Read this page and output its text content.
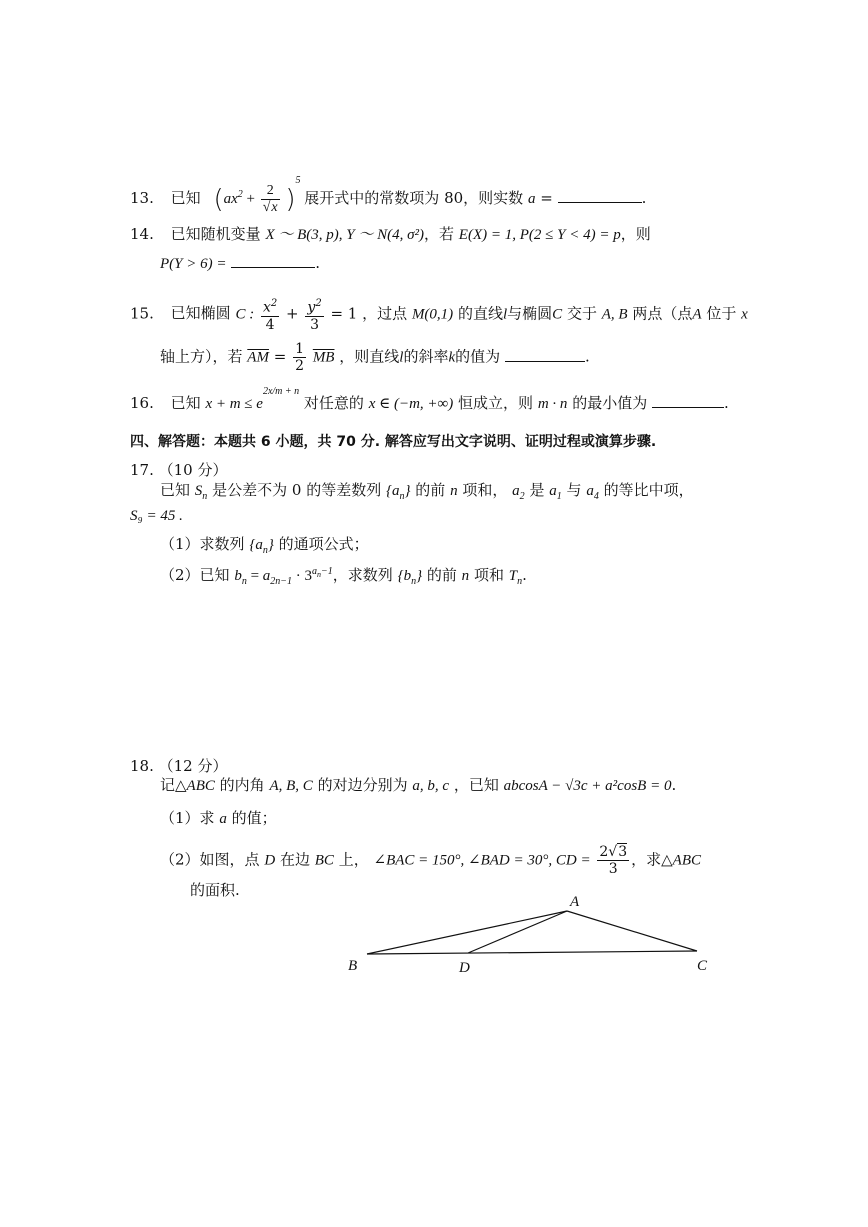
13. 已知 $(ax^2 + \frac{2}{√x} )^5$ 展开式中的常数项为 80，则实数 a =	.
14. 已知随机变量 X ～ B(3, p), Y ～ N(4, σ²)，若 E(X) = 1, P(2 ≤ Y < 4) = p，则
P(Y > 6) =	.
15. 已知椭圆 C : $\frac{x^2}{4} + \frac{y^2}{3} = 1$ ，过点 M(0,1) 的直线l与椭圆C 交于 A, B 两点（点A 位于 x
轴上方），若 $\overline{AM} = \frac{1}{2} \overline{MB}$ ，则直线l的斜率k的值为	.
16. 已知 $x + m \le e^{2x/m + n}$ 对任意的 x ∈ (−m, +∞) 恒成立，则 m · n 的最小值为	.
四、解答题：本题共 6 小题，共 70 分. 解答应写出文字说明、证明过程或演算步骤.
17. （10 分）
已知 $S_n$ 是公差不为 0 的等差数列 $\{a_n\}$ 的前 n 项和， $a_2$ 是 $a_1$ 与 $a_4$ 的等比中项，
S₉ = 45 .
（1）求数列 $\{a_n\}$ 的通项公式；
（2）已知 $b_n = a_{2n-1} \cdot 3^{a_n-1}$，求数列 $\{b_n\}$ 的前 n 项和 $T_n$.
18. （12 分）
记△ABC 的内角 A, B, C 的对边分别为 a, b, c ，已知 abcosA − √3c + a²cosB = 0.
（1）求 a 的值；
（2）如图，点 D 在边 BC 上， ∠BAC = 150°, ∠BAD = 30°, CD = $\frac{2√3}{3}$ ，求△ABC
的面积.
A
B	D	C
